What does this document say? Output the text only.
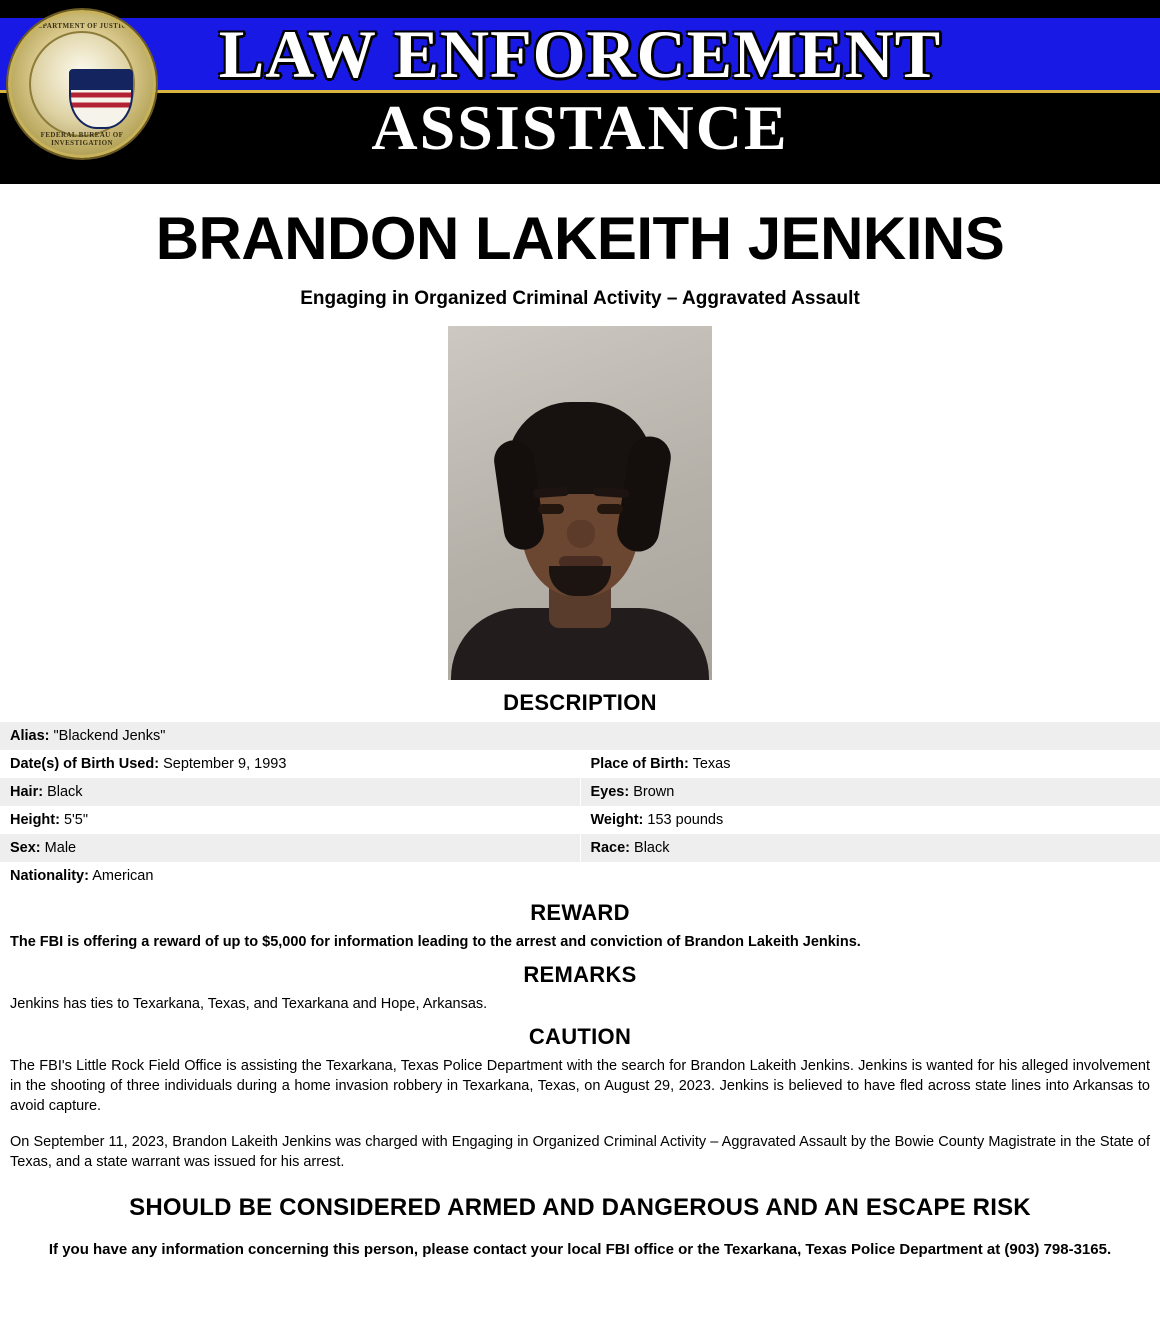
LAW ENFORCEMENT
ASSISTANCE
DEPARTMENT OF JUSTICE
FEDERAL BUREAU OF INVESTIGATION
BRANDON LAKEITH JENKINS
Engaging in Organized Criminal Activity – Aggravated Assault
DESCRIPTION
Alias: "Blackend Jenks"	
Date(s) of Birth Used: September 9, 1993	Place of Birth: Texas
Hair: Black	Eyes: Brown
Height: 5'5"	Weight: 153 pounds
Sex: Male	Race: Black
Nationality: American	
REWARD
The FBI is offering a reward of up to $5,000 for information leading to the arrest and conviction of Brandon Lakeith Jenkins.
REMARKS
Jenkins has ties to Texarkana, Texas, and Texarkana and Hope, Arkansas.
CAUTION
The FBI's Little Rock Field Office is assisting the Texarkana, Texas Police Department with the search for Brandon Lakeith Jenkins. Jenkins is wanted for his alleged involvement in the shooting of three individuals during a home invasion robbery in Texarkana, Texas, on August 29, 2023. Jenkins is believed to have fled across state lines into Arkansas to avoid capture.
On September 11, 2023, Brandon Lakeith Jenkins was charged with Engaging in Organized Criminal Activity – Aggravated Assault by the Bowie County Magistrate in the State of Texas, and a state warrant was issued for his arrest.
SHOULD BE CONSIDERED ARMED AND DANGEROUS AND AN ESCAPE RISK
If you have any information concerning this person, please contact your local FBI office or the Texarkana, Texas Police Department at (903) 798-3165.
